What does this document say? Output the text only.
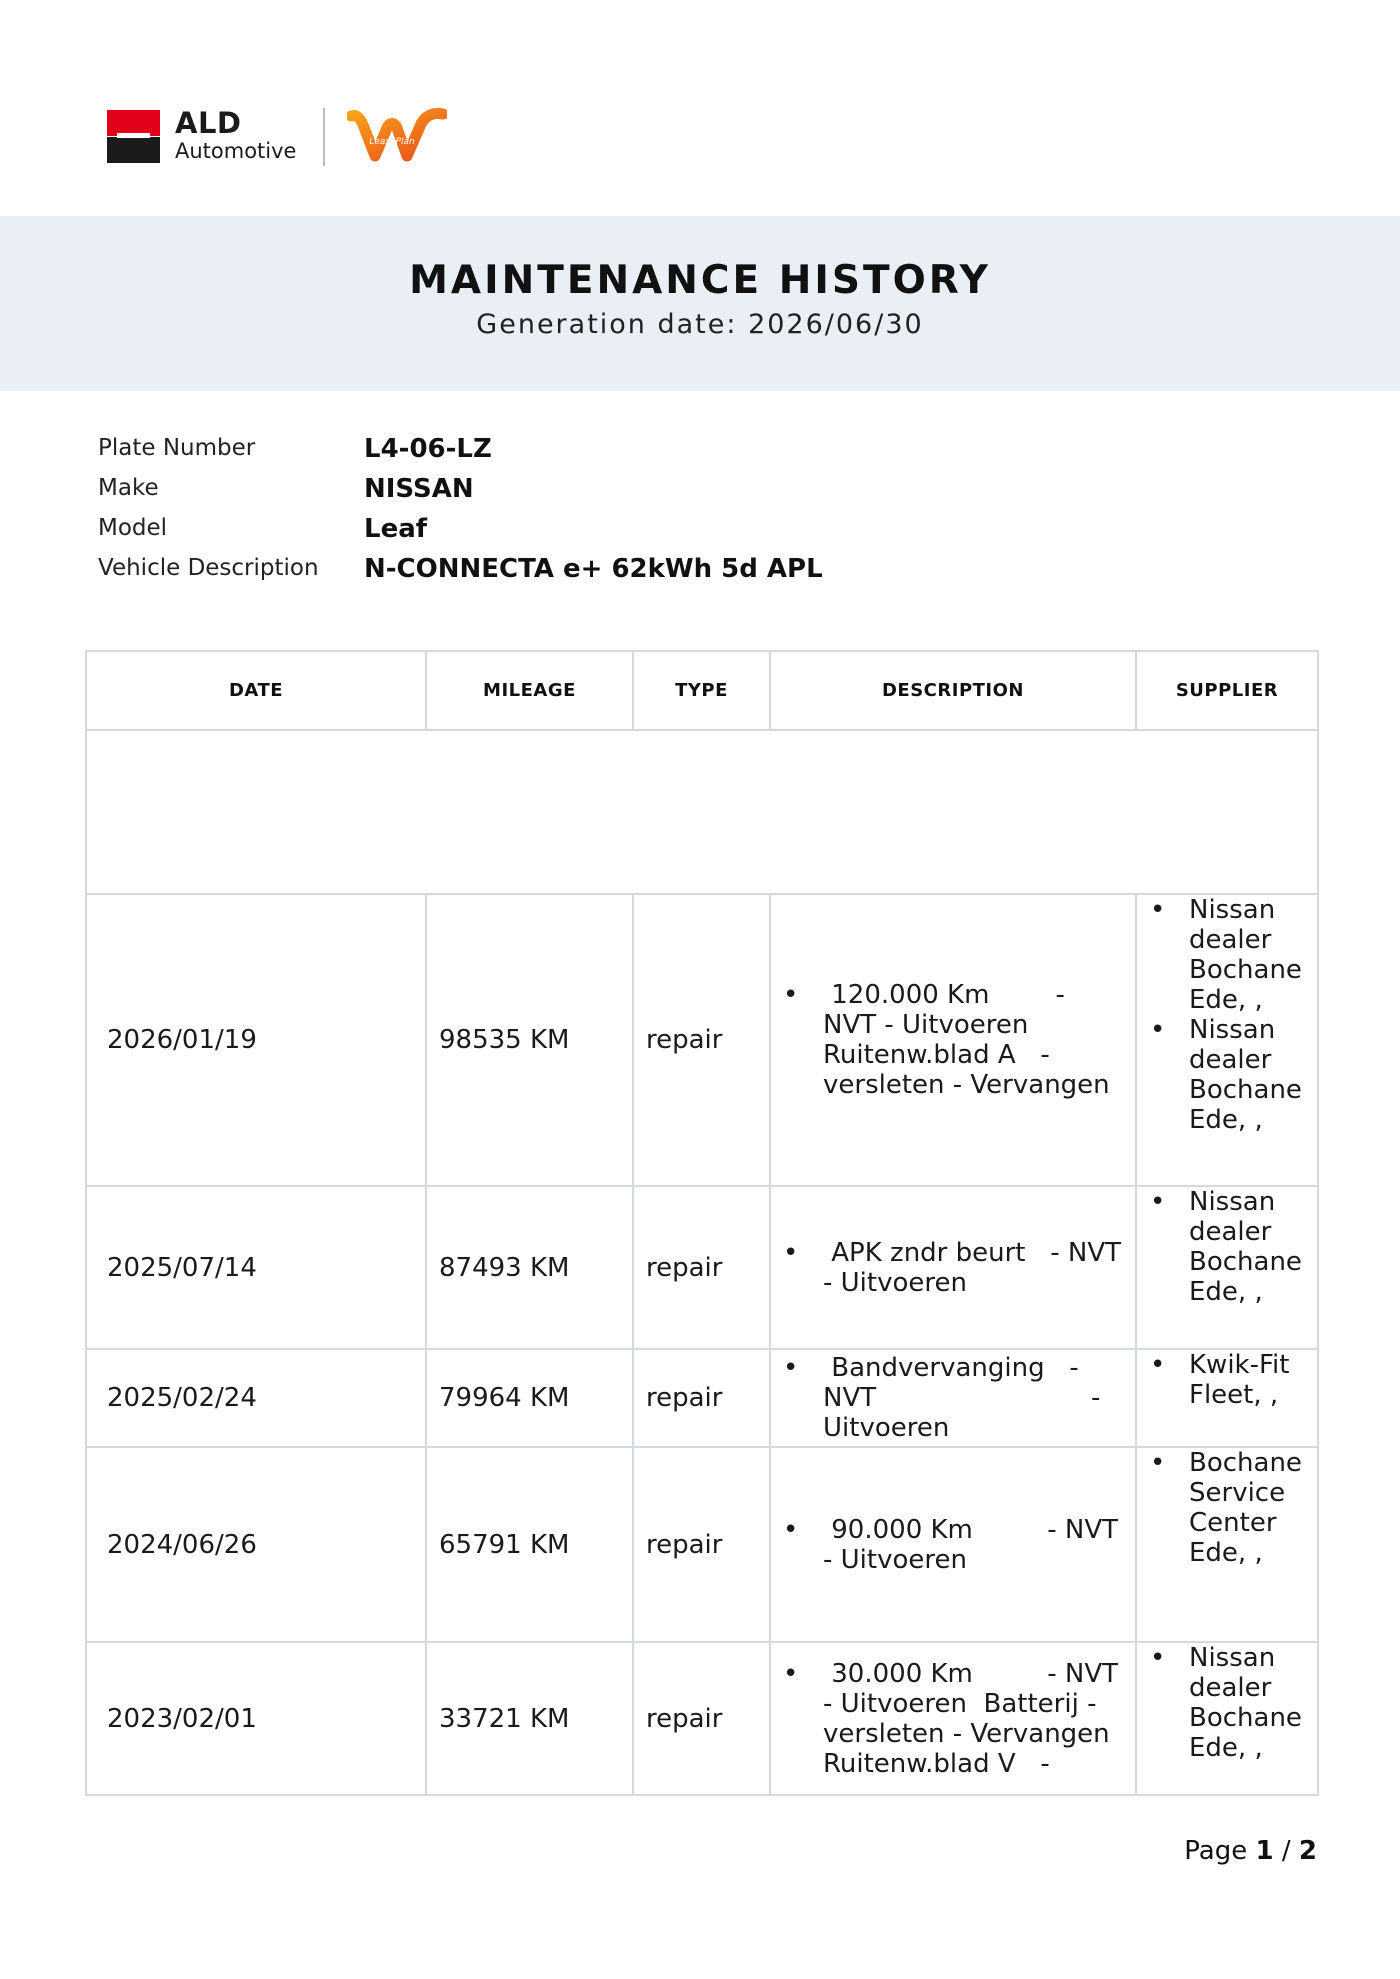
ALD
Automotive	LeasePlan
MAINTENANCE HISTORY
Generation date: 2026/06/30
Plate Number	L4-06-LZ
Make	NISSAN
Model	Leaf
Vehicle Description N-CONNECTA e+ 62kWh 5d APL
DATE	MILEAGE	TYPE	DESCRIPTION	SUPPLIER

2026/01/19	98535 KM	repair	•  120.000 Km        - NVT - Uitvoeren Ruitenw.blad A   - versleten - Vervangen	• Nissan dealer Bochane Ede, ,
• Nissan dealer Bochane Ede, ,

2025/07/14	87493 KM	repair	•  APK zndr beurt   - NVT - Uitvoeren	• Nissan dealer Bochane Ede, ,

2025/02/24	79964 KM	repair	•  Bandvervanging   - NVT                          - Uitvoeren	• Kwik-Fit Fleet, ,

2024/06/26	65791 KM	repair	•  90.000 Km         - NVT - Uitvoeren	• Bochane Service Center Ede, ,

2023/02/01	33721 KM	repair	•  30.000 Km         - NVT - Uitvoeren  Batterij - versleten - Vervangen Ruitenw.blad V   -	• Nissan dealer Bochane Ede, ,
Page 1 / 2
